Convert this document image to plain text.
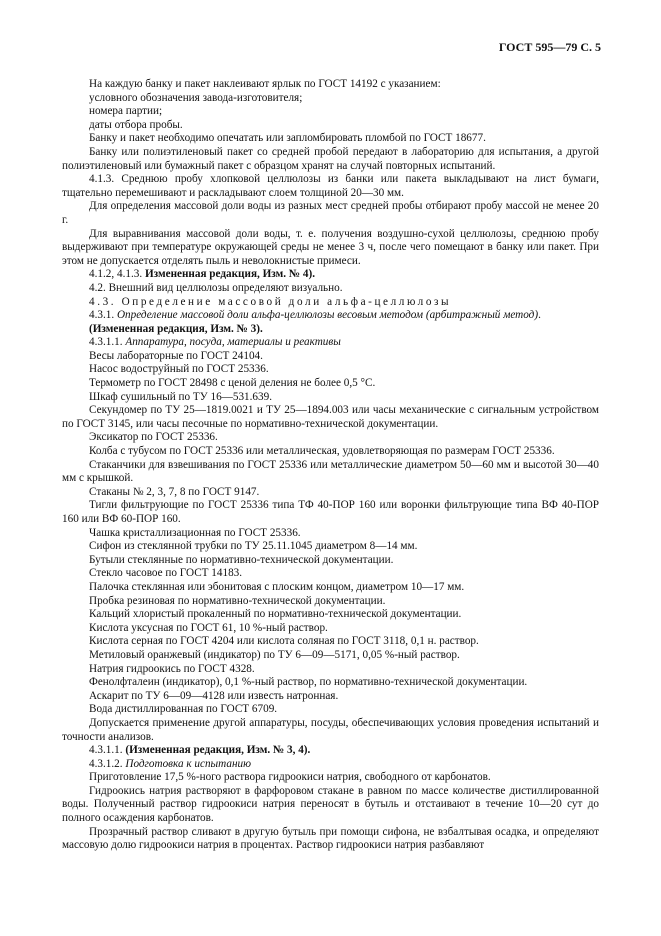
ГОСТ 595—79 С. 5

На каждую банку и пакет наклеивают ярлык по ГОСТ 14192 с указанием:

условного обозначения завода-изготовителя;

номера партии;

даты отбора пробы.

Банку и пакет необходимо опечатать или запломбировать пломбой по ГОСТ 18677.

Банку или полиэтиленовый пакет со средней пробой передают в лабораторию для испытания, а другой полиэтиленовый или бумажный пакет с образцом хранят на случай повторных испытаний.

4.1.3. Среднюю пробу хлопковой целлюлозы из банки или пакета выкладывают на лист бумаги, тщательно перемешивают и раскладывают слоем толщиной 20—30 мм.

Для определения массовой доли воды из разных мест средней пробы отбирают пробу массой не менее 20 г.

Для выравнивания массовой доли воды, т. е. получения воздушно-сухой целлюлозы, среднюю пробу выдерживают при температуре окружающей среды не менее 3 ч, после чего помещают в банку или пакет. При этом не допускается отделять пыль и неволокнистые примеси.

4.1.2, 4.1.3. Измененная редакция, Изм. № 4).

4.2. Внешний вид целлюлозы определяют визуально.

4.3. Определение массовой доли альфа-целлюлозы

4.3.1. Определение массовой доли альфа-целлюлозы весовым методом (арбитражный метод).

(Измененная редакция, Изм. № 3).

4.3.1.1. Аппаратура, посуда, материалы и реактивы

Весы лабораторные по ГОСТ 24104.

Насос водоструйный по ГОСТ 25336.

Термометр по ГОСТ 28498 с ценой деления не более 0,5 °С.

Шкаф сушильный по ТУ 16—531.639.

Секундомер по ТУ 25—1819.0021 и ТУ 25—1894.003 или часы механические с сигнальным устройством по ГОСТ 3145, или часы песочные по нормативно-технической документации.

Эксикатор по ГОСТ 25336.

Колба с тубусом по ГОСТ 25336 или металлическая, удовлетворяющая по размерам ГОСТ 25336.

Стаканчики для взвешивания по ГОСТ 25336 или металлические диаметром 50—60 мм и высотой 30—40 мм с крышкой.

Стаканы № 2, 3, 7, 8 по ГОСТ 9147.

Тигли фильтрующие по ГОСТ 25336 типа ТФ 40-ПОР 160 или воронки фильтрующие типа ВФ 40-ПОР 160 или ВФ 60-ПОР 160.

Чашка кристаллизационная по ГОСТ 25336.

Сифон из стеклянной трубки по ТУ 25.11.1045 диаметром 8—14 мм.

Бутыли стеклянные по нормативно-технической документации.

Стекло часовое по ГОСТ 14183.

Палочка стеклянная или эбонитовая с плоским концом, диаметром 10—17 мм.

Пробка резиновая по нормативно-технической документации.

Кальций хлористый прокаленный по нормативно-технической документации.

Кислота уксусная по ГОСТ 61, 10 %-ный раствор.

Кислота серная по ГОСТ 4204 или кислота соляная по ГОСТ 3118, 0,1 н. раствор.

Метиловый оранжевый (индикатор) по ТУ 6—09—5171, 0,05 %-ный раствор.

Натрия гидроокись по ГОСТ 4328.

Фенолфталеин (индикатор), 0,1 %-ный раствор, по нормативно-технической документации.

Аскарит по ТУ 6—09—4128 или известь натронная.

Вода дистиллированная по ГОСТ 6709.

Допускается применение другой аппаратуры, посуды, обеспечивающих условия проведения испытаний и точности анализов.

4.3.1.1. (Измененная редакция, Изм. № 3, 4).

4.3.1.2. Подготовка к испытанию

Приготовление 17,5 %-ного раствора гидроокиси натрия, свободного от карбонатов.

Гидроокись натрия растворяют в фарфоровом стакане в равном по массе количестве дистиллированной воды. Полученный раствор гидроокиси натрия переносят в бутыль и отстаивают в течение 10—20 сут до полного осаждения карбонатов.

Прозрачный раствор сливают в другую бутыль при помощи сифона, не взбалтывая осадка, и определяют массовую долю гидроокиси натрия в процентах. Раствор гидроокиси натрия разбавляют
